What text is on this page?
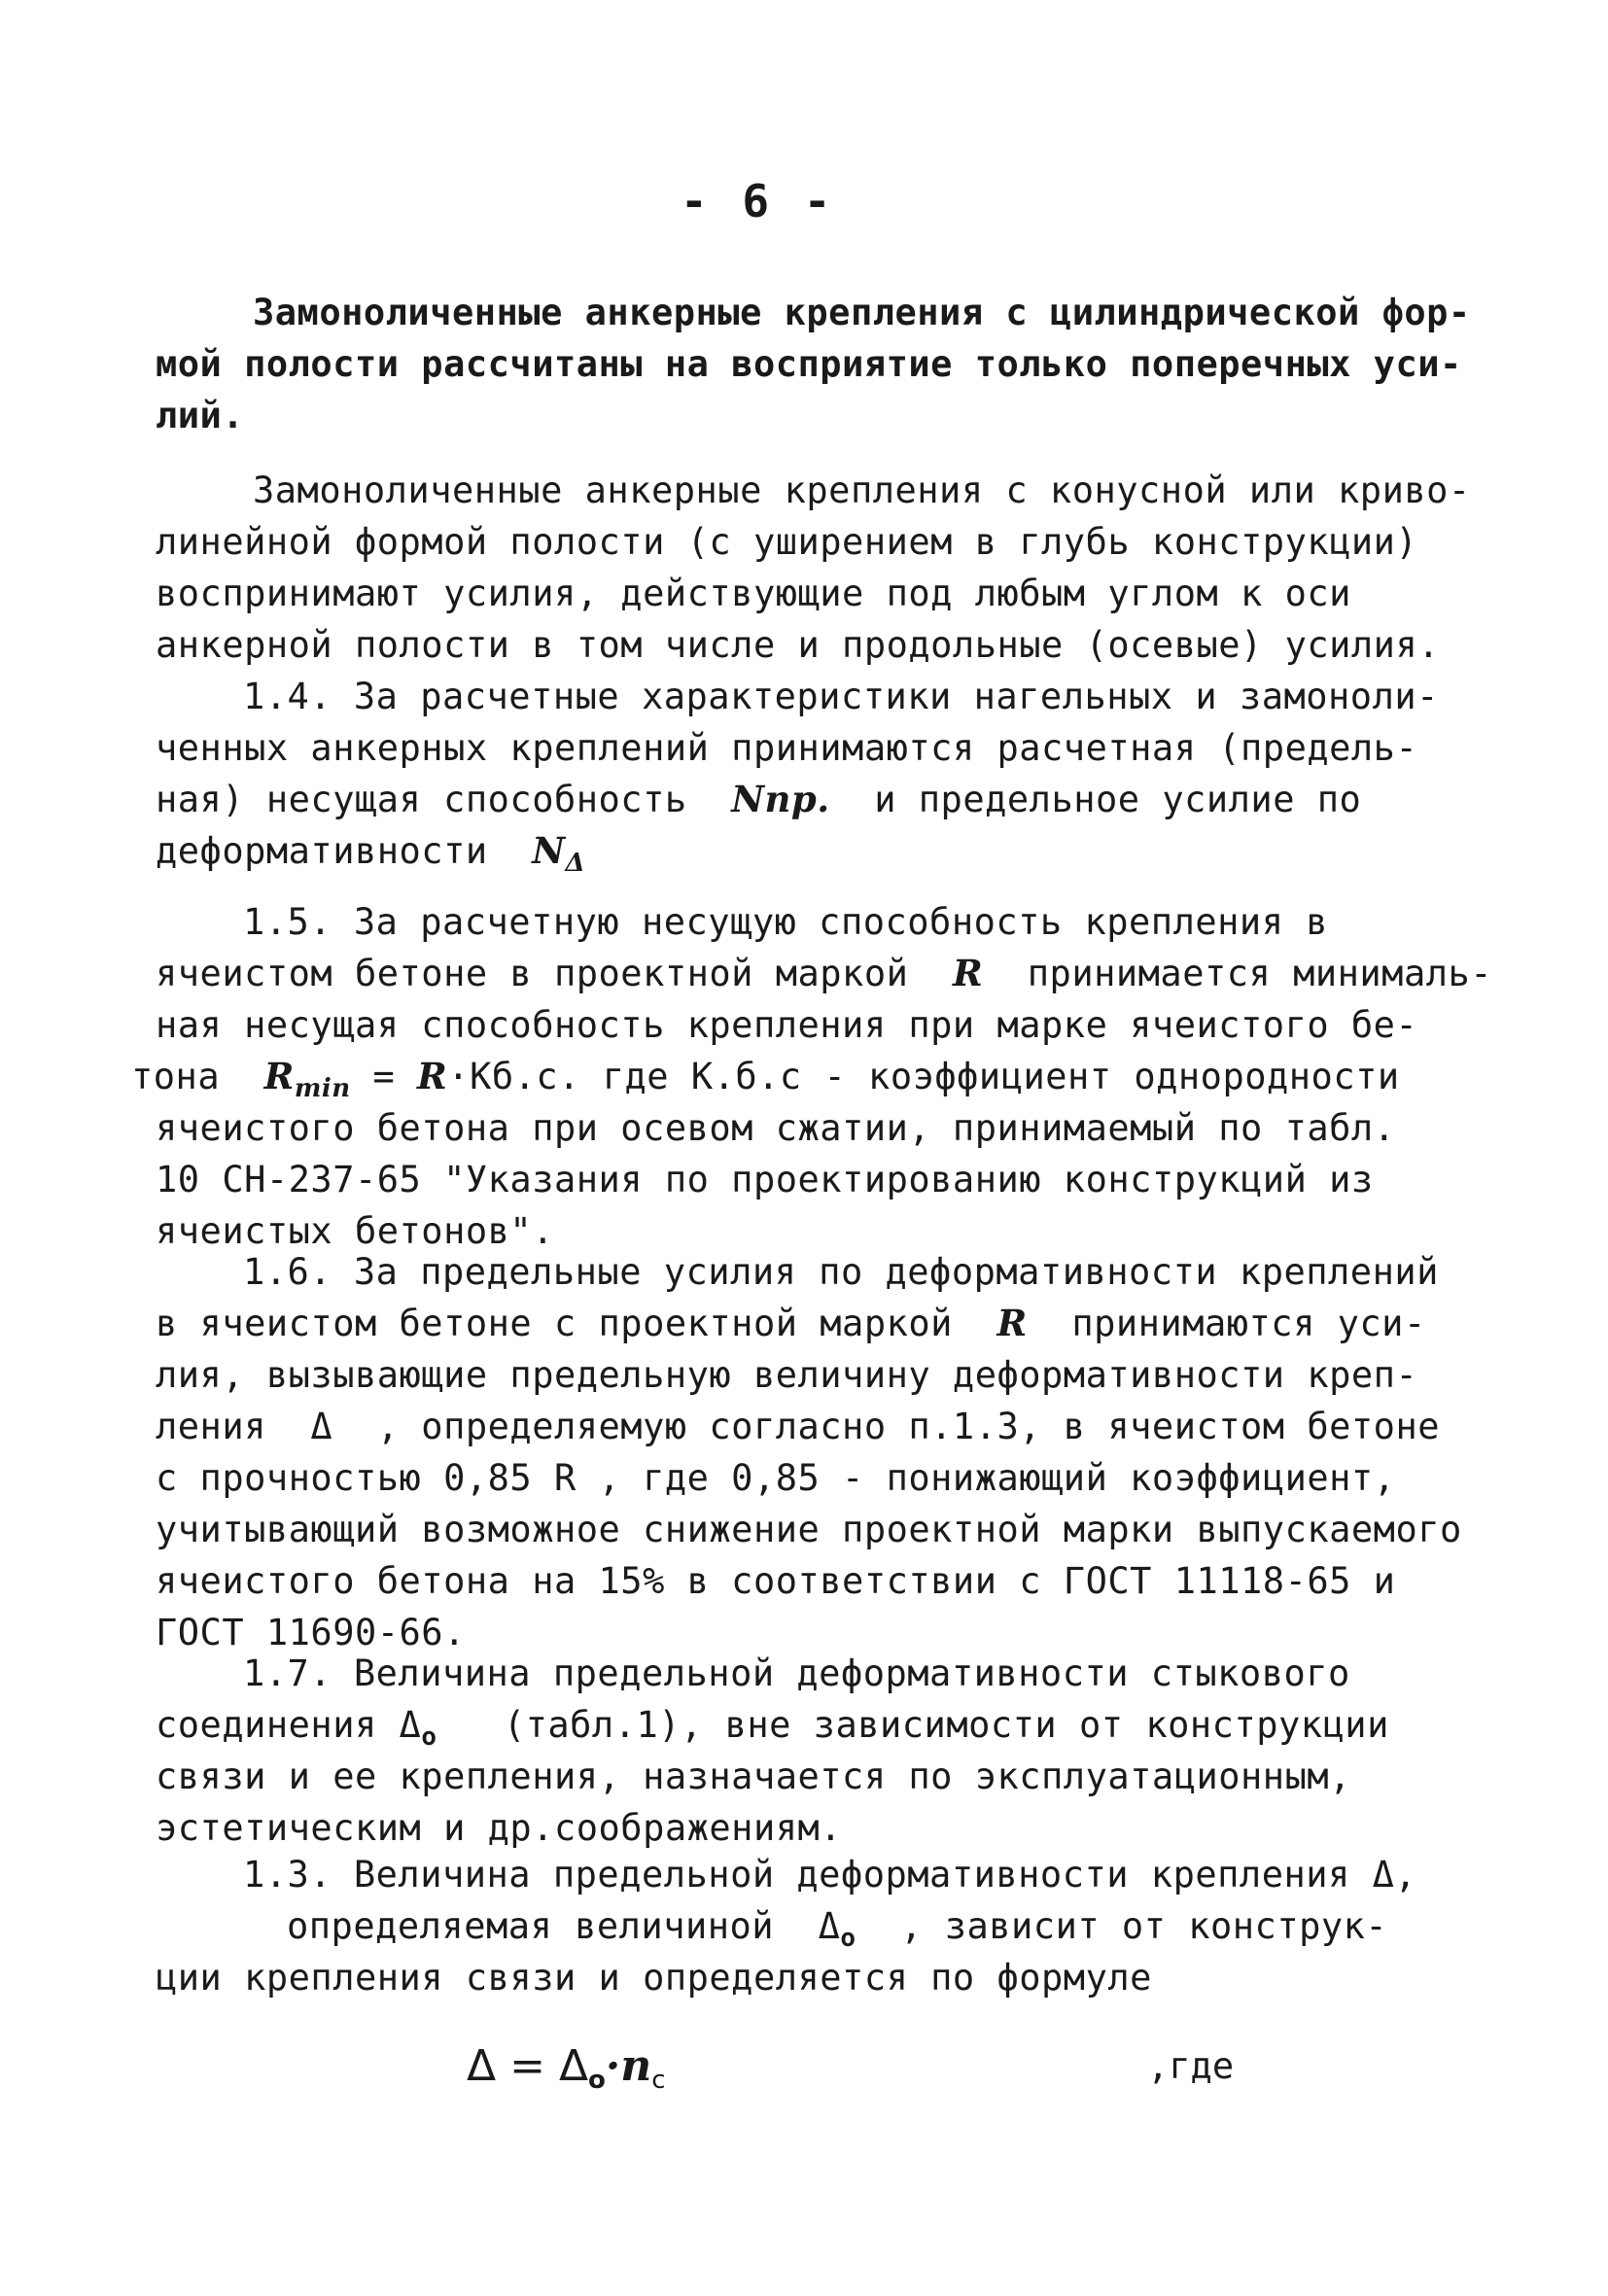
- 6 -
Замоноличенные анкерные крепления с цилиндрической фор-
мой полости рассчитаны на восприятие только поперечных уси-
лий.
Замоноличенные анкерные крепления с конусной или криво-
линейной формой полости (с уширением в глубь конструкции)
воспринимают усилия, действующие под любым углом к оси
анкерной полости в том числе и продольные (осевые) усилия.
1.4. За расчетные характеристики нагельных и замоноли-
ченных анкерных креплений принимаются расчетная (предель-
ная) несущая способность Nпр. и предельное усилие по
деформативности $N_\Delta$
1.5. За расчетную несущую способность крепления в
ячеистом бетоне в проектной маркой R принимается минималь-
ная несущая способность крепления при марке ячеистого бе-
тона $R_{min} = R\cdot Кб.с$. где К.б.с - коэффициент однородности
ячеистого бетона при осевом сжатии, принимаемый по табл.
10 СН-237-65 "Указания по проектированию конструкций из
ячеистых бетонов".
1.6. За предельные усилия по деформативности креплений
в ячеистом бетоне с проектной маркой R принимаются уси-
лия, вызывающие предельную величину деформативности креп-
ления  Δ  , определяемую согласно п.1.3, в ячеистом бетоне
с прочностью 0,85 R , где 0,85 - понижающий коэффициент,
учитывающий возможное снижение проектной марки выпускаемого
ячеистого бетона на 15% в соответствии с ГОСТ 11118-65 и
ГОСТ 11690-66.
1.7. Величина предельной деформативности стыкового
соединения $\Delta_о$ (табл.1), вне зависимости от конструкции
связи и ее крепления, назначается по эксплуатационным,
эстетическим и др.соображениям.
1.3. Величина предельной деформативности крепления Δ,
определяемая величиной $\Delta_о$ , зависит от конструк-
ции крепления связи и определяется по формуле
$\Delta = \Delta_о\cdot n_c$	,где
